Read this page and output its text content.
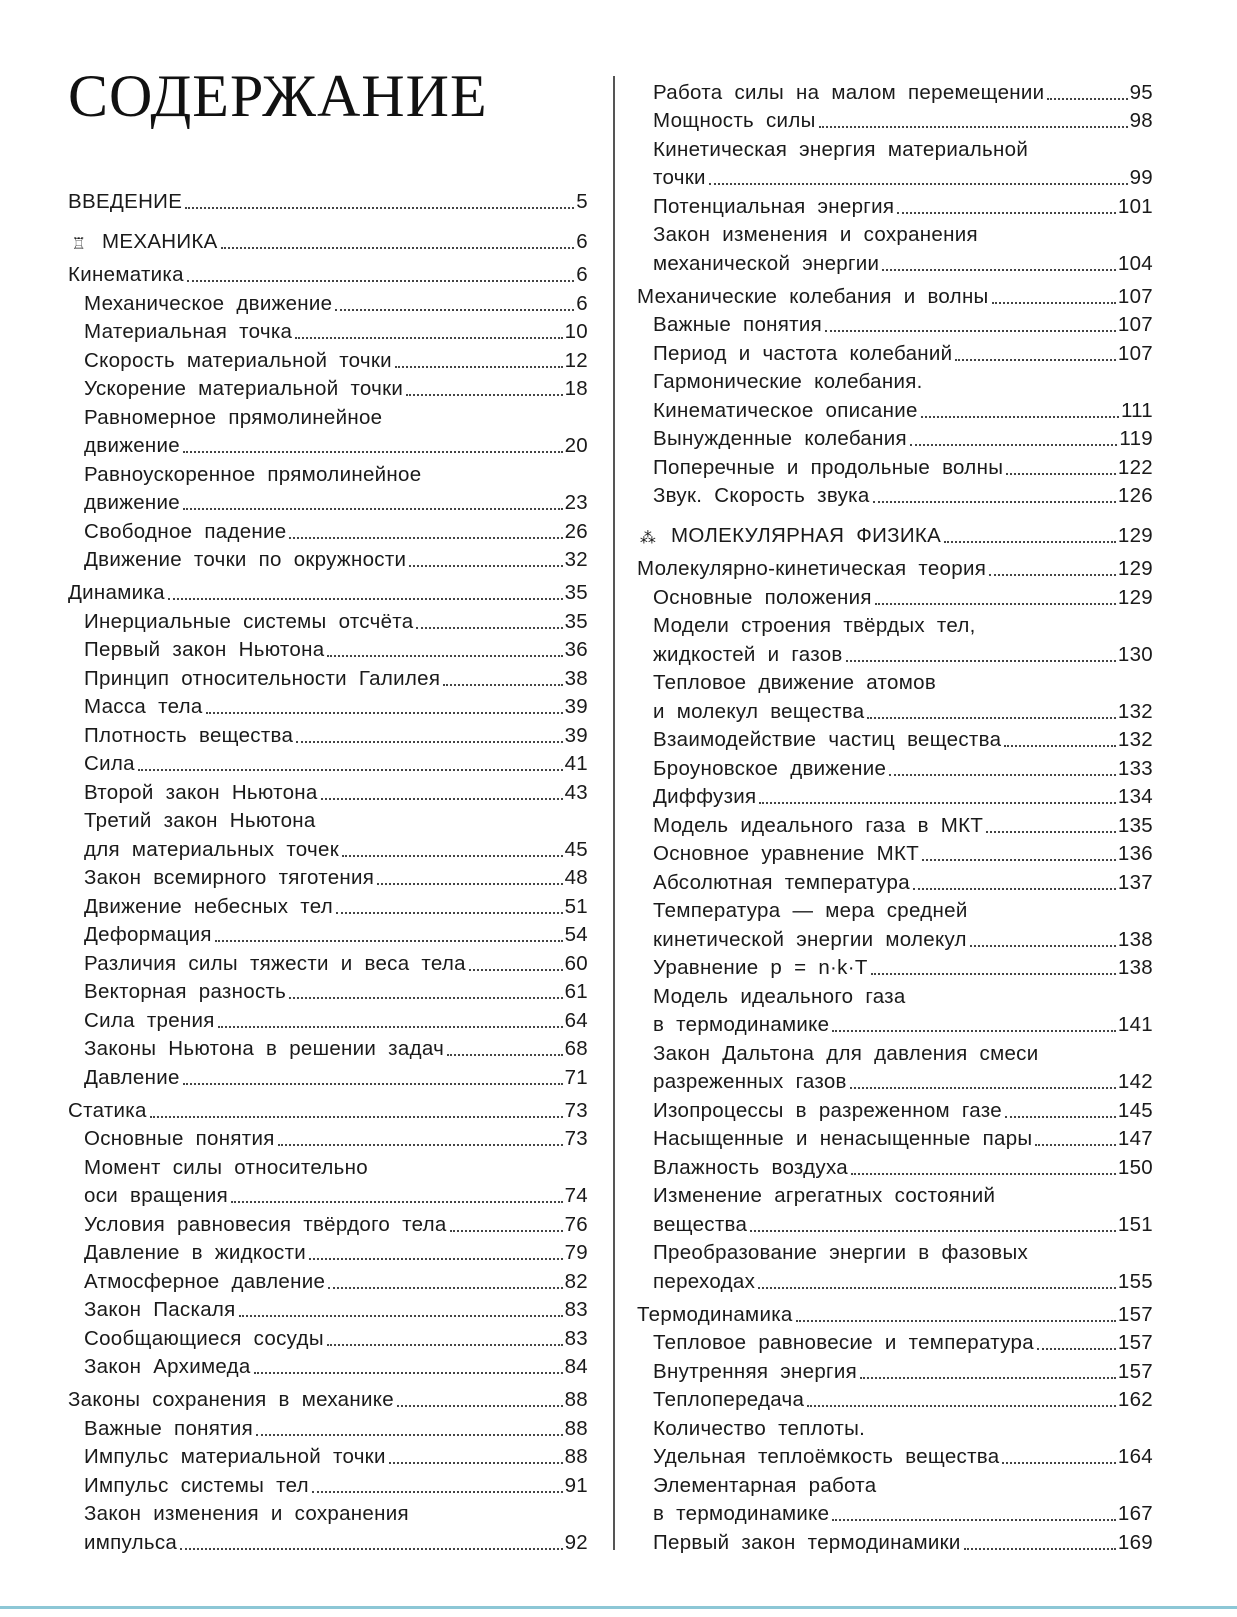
СОДЕРЖАНИЕ
ВВЕДЕНИЕ	5
♖ МЕХАНИКА	6
Кинематика	6
Механическое движение	6
Материальная точка	10
Скорость материальной точки	12
Ускорение материальной точки	18
Равномерное прямолинейное
движение	20
Равноускоренное прямолинейное
движение	23
Свободное падение	26
Движение точки по окружности	32
Динамика	35
Инерциальные системы отсчёта	35
Первый закон Ньютона	36
Принцип относительности Галилея	38
Масса тела	39
Плотность вещества	39
Сила	41
Второй закон Ньютона	43
Третий закон Ньютона
для материальных точек	45
Закон всемирного тяготения	48
Движение небесных тел	51
Деформация	54
Различия силы тяжести и веса тела	60
Векторная разность	61
Сила трения	64
Законы Ньютона в решении задач	68
Давление	71
Статика	73
Основные понятия	73
Момент силы относительно
оси вращения	74
Условия равновесия твёрдого тела	76
Давление в жидкости	79
Атмосферное давление	82
Закон Паскаля	83
Сообщающиеся сосуды	83
Закон Архимеда	84
Законы сохранения в механике	88
Важные понятия	88
Импульс материальной точки	88
Импульс системы тел	91
Закон изменения и сохранения
импульса	92
Работа силы на малом перемещении	95
Мощность силы	98
Кинетическая энергия материальной
точки	99
Потенциальная энергия	101
Закон изменения и сохранения
механической энергии	104
Механические колебания и волны	107
Важные понятия	107
Период и частота колебаний	107
Гармонические колебания.
Кинематическое описание	111
Вынужденные колебания	119
Поперечные и продольные волны	122
Звук. Скорость звука	126
⁂ МОЛЕКУЛЯРНАЯ ФИЗИКА	129
Молекулярно-кинетическая теория	129
Основные положения	129
Модели строения твёрдых тел,
жидкостей и газов	130
Тепловое движение атомов
и молекул вещества	132
Взаимодействие частиц вещества	132
Броуновское движение	133
Диффузия	134
Модель идеального газа в МКТ	135
Основное уравнение МКТ	136
Абсолютная температура	137
Температура — мера средней
кинетической энергии молекул	138
Уравнение p = n·k·T	138
Модель идеального газа
в термодинамике	141
Закон Дальтона для давления смеси
разреженных газов	142
Изопроцессы в разреженном газе	145
Насыщенные и ненасыщенные пары	147
Влажность воздуха	150
Изменение агрегатных состояний
вещества	151
Преобразование энергии в фазовых
переходах	155
Термодинамика	157
Тепловое равновесие и температура	157
Внутренняя энергия	157
Теплопередача	162
Количество теплоты.
Удельная теплоёмкость вещества	164
Элементарная работа
в термодинамике	167
Первый закон термодинамики	169
